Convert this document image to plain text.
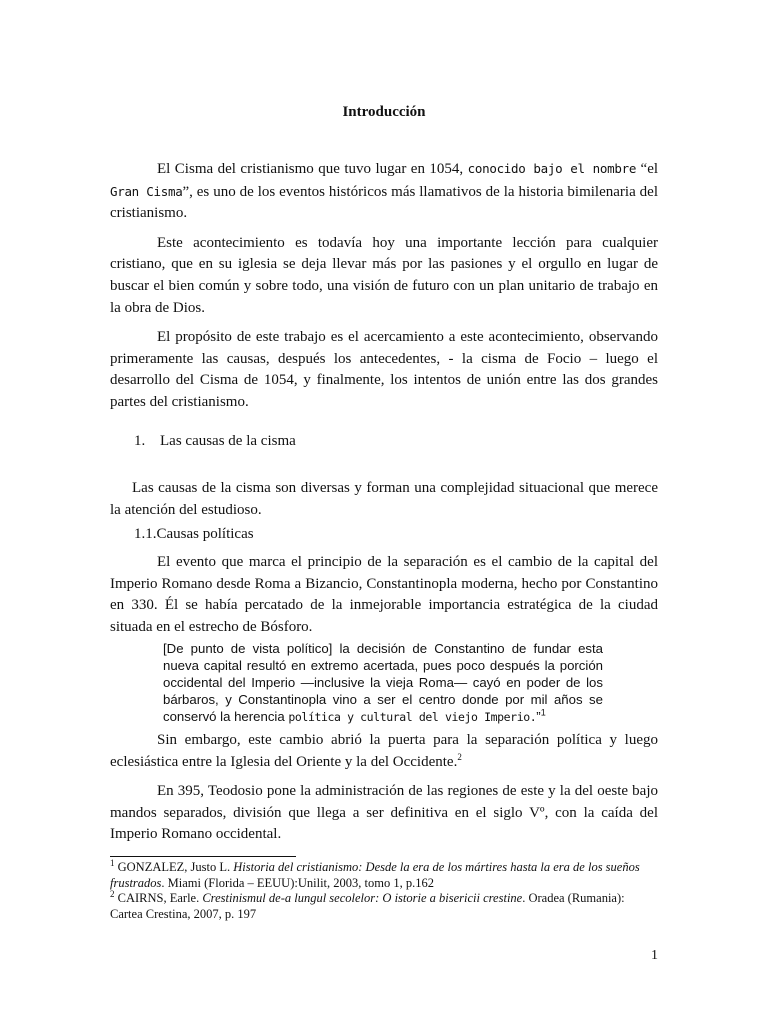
Introducción

El Cisma del cristianismo que tuvo lugar en 1054, conocido bajo el nombre “el Gran Cisma”, es uno de los eventos históricos más llamativos de la historia bimilenaria del cristianismo.

Este acontecimiento es todavía hoy una importante lección para cualquier cristiano, que en su iglesia se deja llevar más por las pasiones y el orgullo en lugar de buscar el bien común y sobre todo, una visión de futuro con un plan unitario de trabajo en la obra de Dios.

El propósito de este trabajo es el acercamiento a este acontecimiento, observando primeramente las causas, después los antecedentes, - la cisma de Focio – luego el desarrollo del Cisma de 1054, y finalmente, los intentos de unión entre las dos grandes partes del cristianismo.

1. Las causas de la cisma

Las causas de la cisma son diversas y forman una complejidad situacional que merece la atención del estudioso.

1.1.Causas políticas

El evento que marca el principio de la separación es el cambio de la capital del Imperio Romano desde Roma a Bizancio, Constantinopla moderna, hecho por Constantino en 330. Él se había percatado de la inmejorable importancia estratégica de la ciudad situada en el estrecho de Bósforo.

[De punto de vista político] la decisión de Constantino de fundar esta nueva capital resultó en extremo acertada, pues poco después la porción occidental del Imperio —inclusive la vieja Roma— cayó en poder de los bárbaros, y Constantinopla vino a ser el centro donde por mil años se conservó la herencia política y cultural del viejo Imperio.”$^1$

Sin embargo, este cambio abrió la puerta para la separación política y luego eclesiástica entre la Iglesia del Oriente y la del Occidente.$^2$

En 395, Teodosio pone la administración de las regiones de este y la del oeste bajo mandos separados, división que llega a ser definitiva en el siglo Vº, con la caída del Imperio Romano occidental.

$^1$ GONZALEZ, Justo L. Historia del cristianismo: Desde la era de los mártires hasta la era de los sueños frustrados. Miami (Florida – EEUU):Unilit, 2003, tomo 1, p.162

$^2$ CAIRNS, Earle. Crestinismul de-a lungul secolelor: O istorie a bisericii crestine. Oradea (Rumania): Cartea Crestina, 2007, p. 197

1
